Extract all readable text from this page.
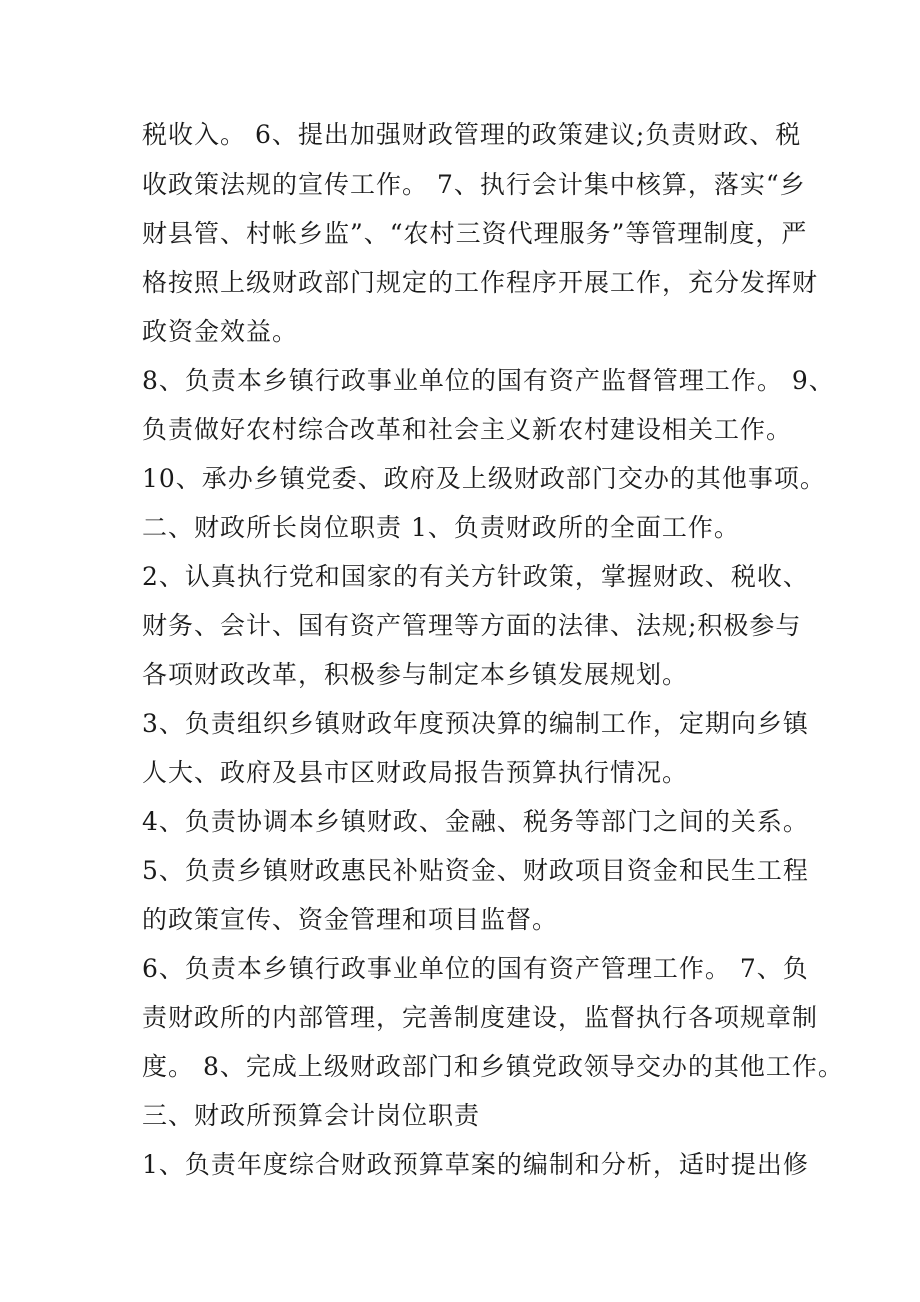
税收入。 6、提出加强财政管理的政策建议;负责财政、税
收政策法规的宣传工作。 7、执行会计集中核算，落实“乡
财县管、村帐乡监”、“农村三资代理服务”等管理制度，严
格按照上级财政部门规定的工作程序开展工作，充分发挥财
政资金效益。
8、负责本乡镇行政事业单位的国有资产监督管理工作。 9、
负责做好农村综合改革和社会主义新农村建设相关工作。
10、承办乡镇党委、政府及上级财政部门交办的其他事项。
二、财政所长岗位职责 1、负责财政所的全面工作。
2、认真执行党和国家的有关方针政策，掌握财政、税收、
财务、会计、国有资产管理等方面的法律、法规;积极参与
各项财政改革，积极参与制定本乡镇发展规划。
3、负责组织乡镇财政年度预决算的编制工作，定期向乡镇
人大、政府及县市区财政局报告预算执行情况。
4、负责协调本乡镇财政、金融、税务等部门之间的关系。
5、负责乡镇财政惠民补贴资金、财政项目资金和民生工程
的政策宣传、资金管理和项目监督。
6、负责本乡镇行政事业单位的国有资产管理工作。 7、负
责财政所的内部管理，完善制度建设，监督执行各项规章制
度。 8、完成上级财政部门和乡镇党政领导交办的其他工作。
三、财政所预算会计岗位职责
1、负责年度综合财政预算草案的编制和分析，适时提出修
